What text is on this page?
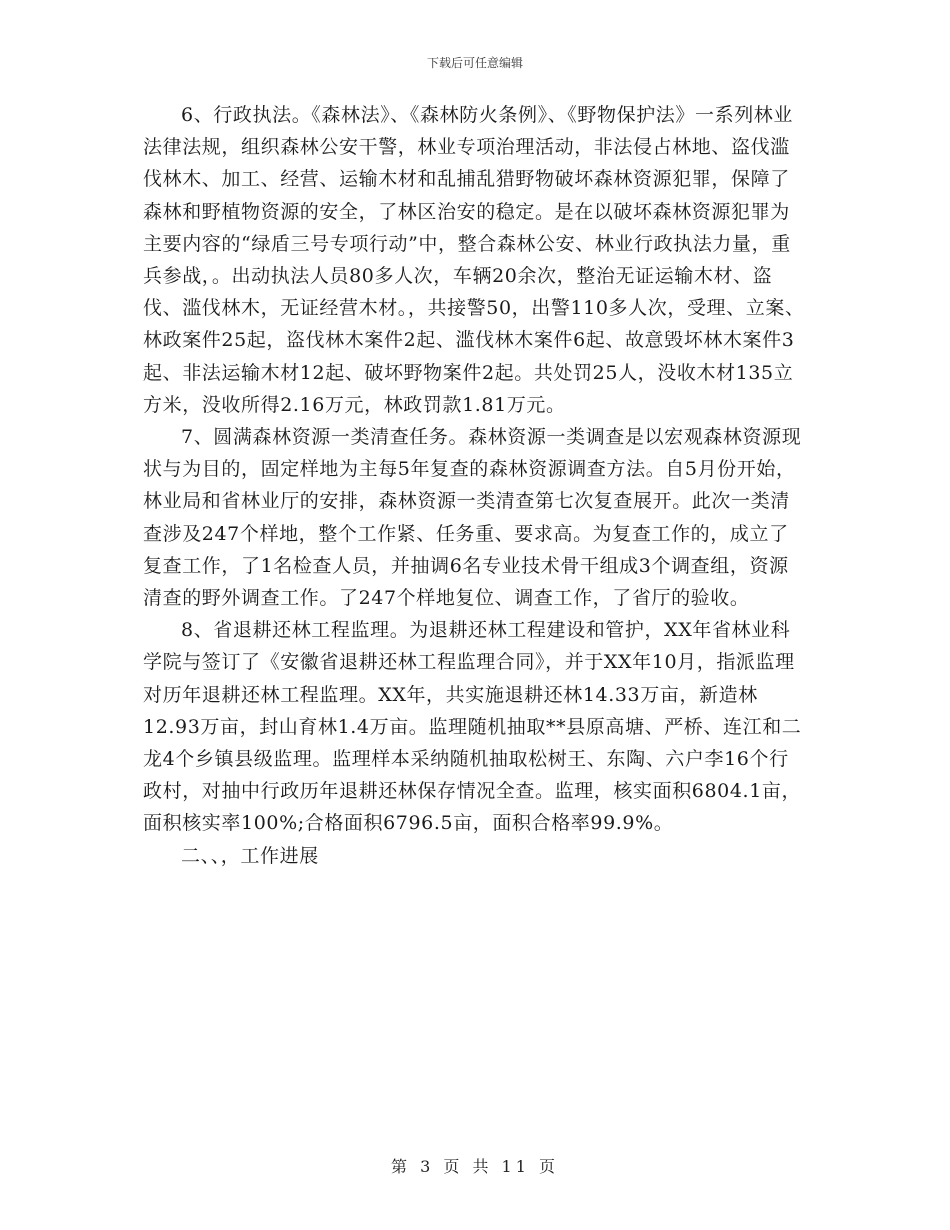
下载后可任意编辑

6、行政执法。《森林法》、《森林防火条例》、《野物保护法》一系列林业法律法规，组织森林公安干警，林业专项治理活动，非法侵占林地、盗伐滥伐林木、加工、经营、运输木材和乱捕乱猎野物破坏森林资源犯罪，保障了森林和野植物资源的安全，了林区治安的稳定。是在以破坏森林资源犯罪为主要内容的“绿盾三号专项行动”中，整合森林公安、林业行政执法力量，重兵参战，。出动执法人员80多人次，车辆20余次，整治无证运输木材、盗伐、滥伐林木，无证经营木材。，共接警50，出警110多人次，受理、立案、林政案件25起，盗伐林木案件2起、滥伐林木案件6起、故意毁坏林木案件3起、非法运输木材12起、破坏野物案件2起。共处罚25人，没收木材135立方米，没收所得2.16万元，林政罚款1.81万元。

7、圆满森林资源一类清查任务。森林资源一类调查是以宏观森林资源现状与为目的，固定样地为主每5年复查的森林资源调查方法。自5月份开始，林业局和省林业厅的安排，森林资源一类清查第七次复查展开。此次一类清查涉及247个样地，整个工作紧、任务重、要求高。为复查工作的，成立了复查工作，了1名检查人员，并抽调6名专业技术骨干组成3个调查组，资源清查的野外调查工作。了247个样地复位、调查工作，了省厅的验收。

8、省退耕还林工程监理。为退耕还林工程建设和管护，XX年省林业科学院与签订了《安徽省退耕还林工程监理合同》，并于XX年10月，指派监理对历年退耕还林工程监理。XX年，共实施退耕还林14.33万亩，新造林12.93万亩，封山育林1.4万亩。监理随机抽取**县原高塘、严桥、连江和二龙4个乡镇县级监理。监理样本采纳随机抽取松树王、东陶、六户李16个行政村，对抽中行政历年退耕还林保存情况全查。监理，核实面积6804.1亩，面积核实率100%;合格面积6796.5亩，面积合格率99.9%。

二、、，工作进展

第 3 页 共 11 页
